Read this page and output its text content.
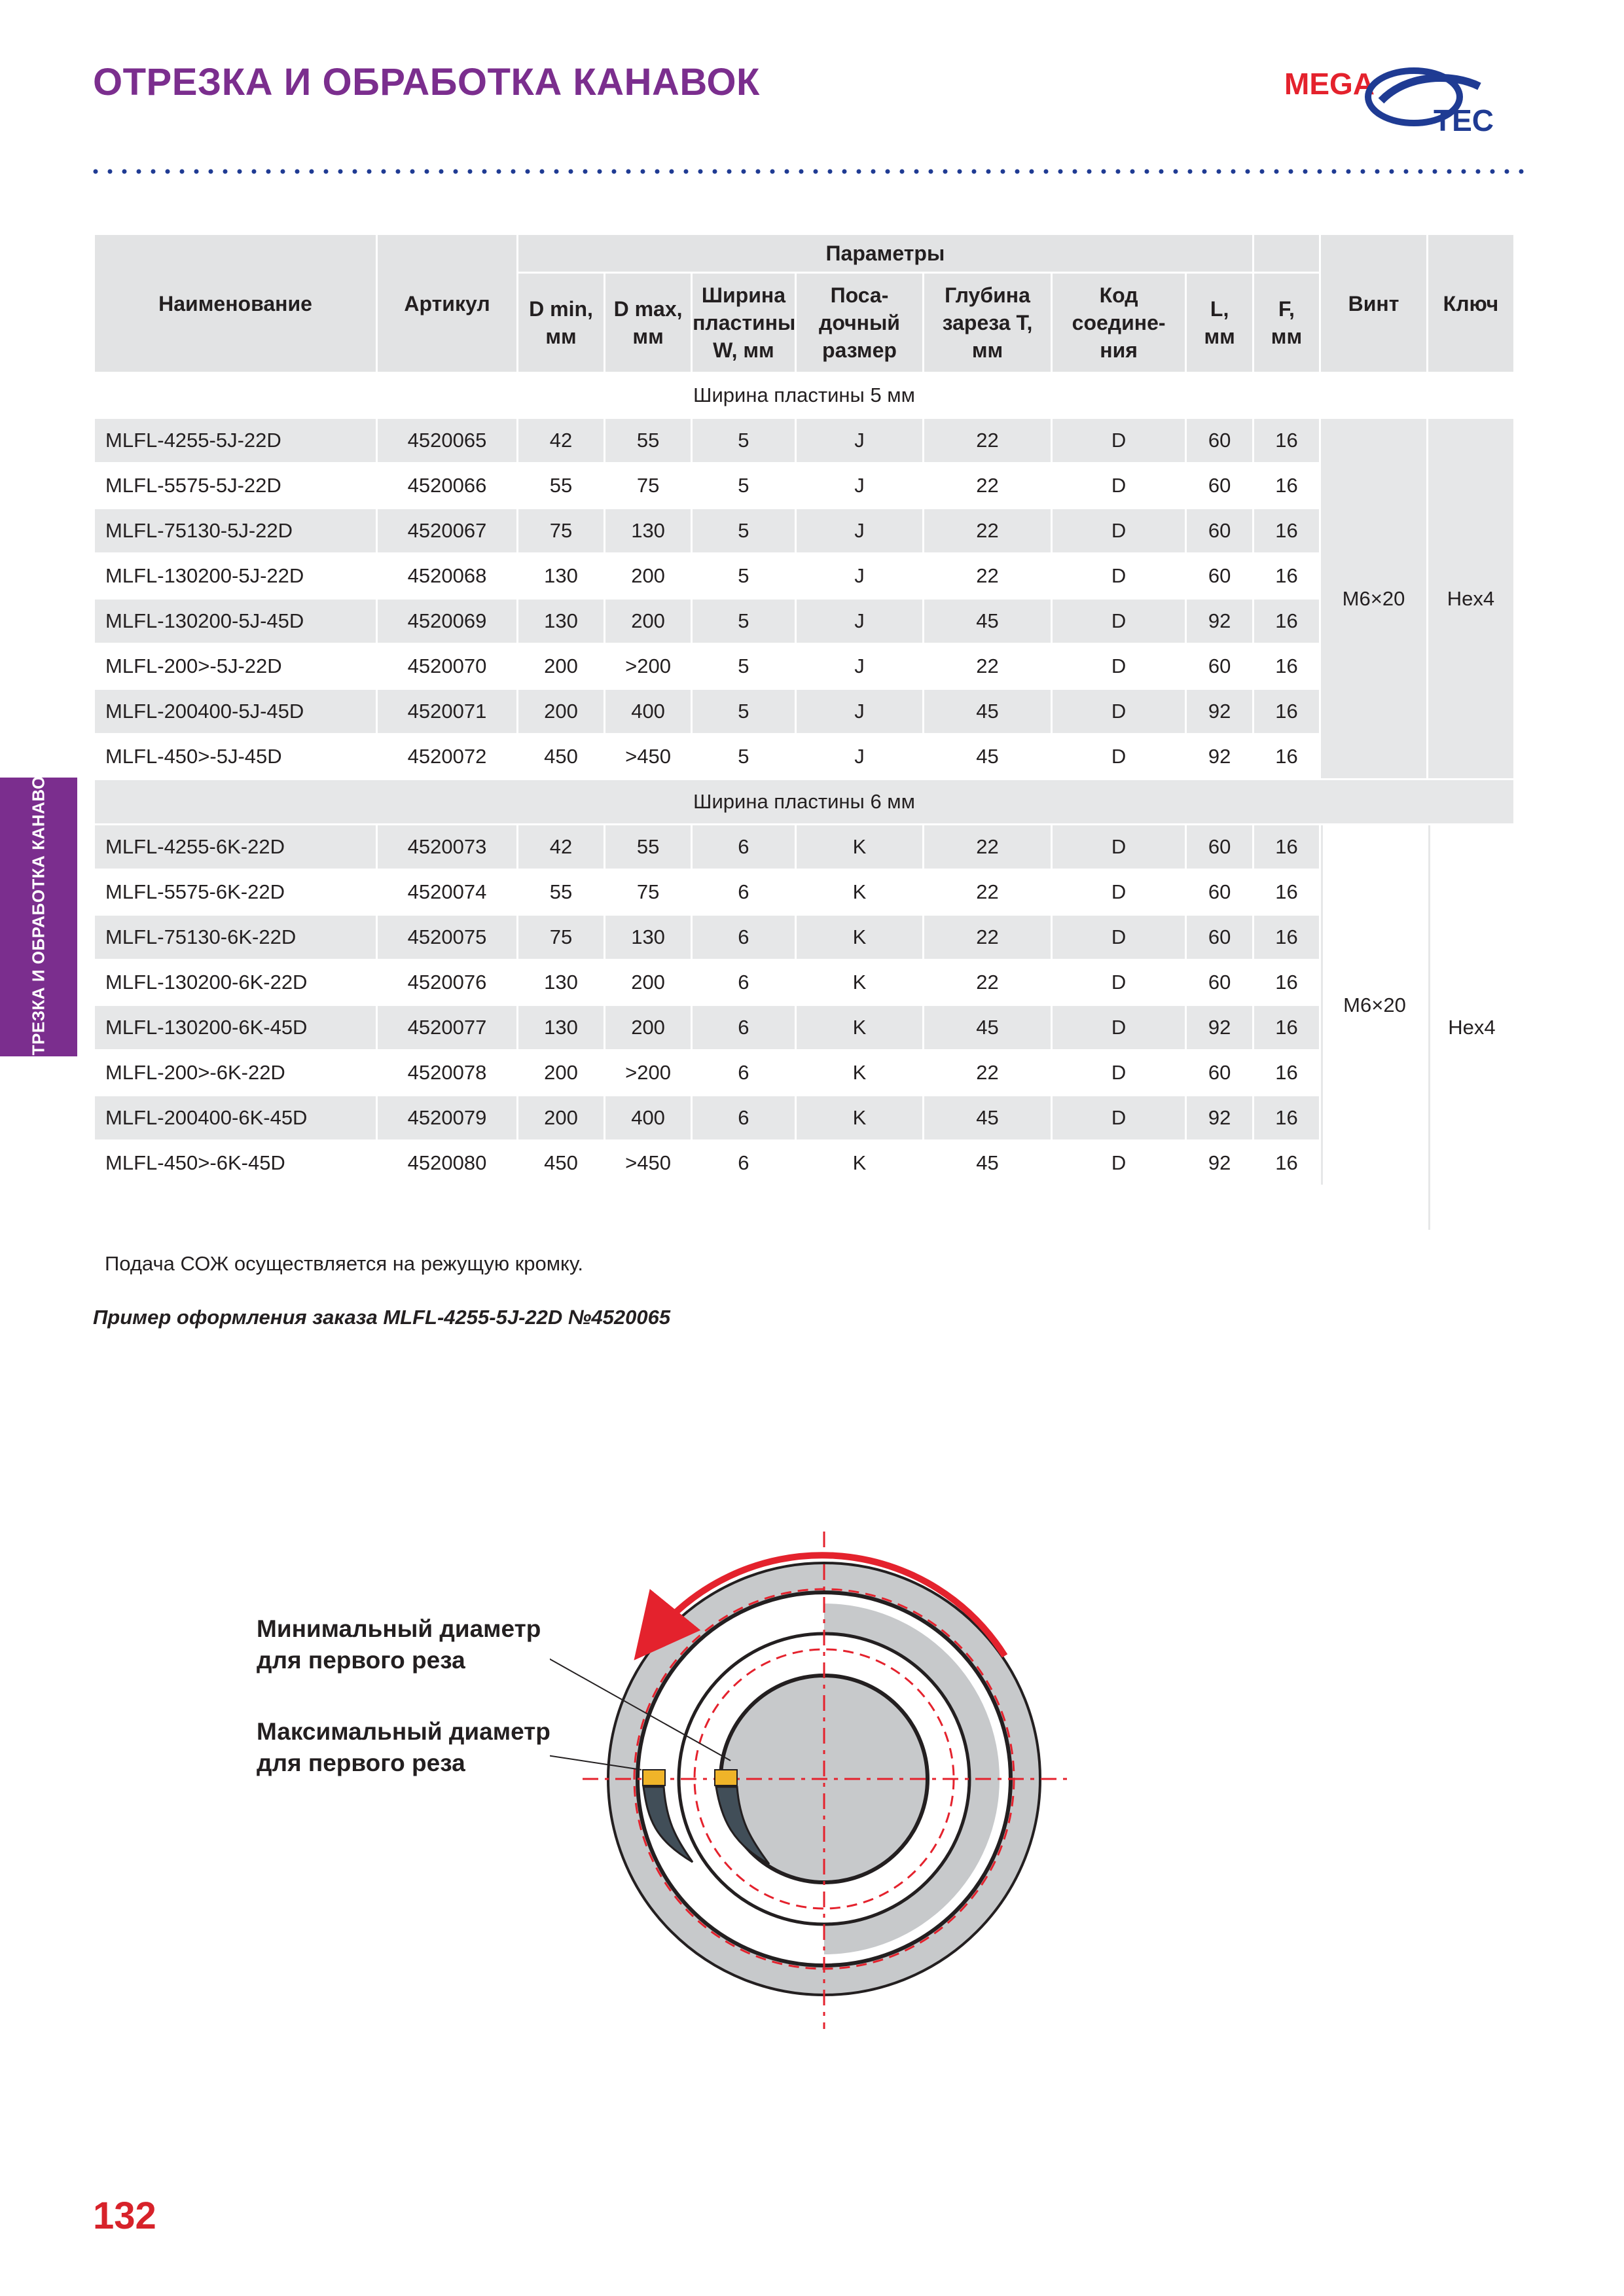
ОТРЕЗКА И ОБРАБОТКА КАНАВОК	MEGA
TEC
ОТРЕЗКА И ОБРАБОТКА КАНАВОК
Наименование	Артикул	Параметры								Винт	Ключ
		D min,
мм	D max,
мм	Ширина
пластины
W, мм	Поса-
дочный
размер	Глубина
зареза T,
мм	Код
соедине-
ния	L,
мм	F,
мм		
Ширина пластины 5 мм											
MLFL-4255-5J-22D	4520065	42	55	5	J	22	D	60	16	M6×20	Hex4
MLFL-5575-5J-22D	4520066	55	75	5	J	22	D	60	16		
MLFL-75130-5J-22D	4520067	75	130	5	J	22	D	60	16		
MLFL-130200-5J-22D	4520068	130	200	5	J	22	D	60	16		
MLFL-130200-5J-45D	4520069	130	200	5	J	45	D	92	16		
MLFL-200>-5J-22D	4520070	200	>200	5	J	22	D	60	16		
MLFL-200400-5J-45D	4520071	200	400	5	J	45	D	92	16		
MLFL-450>-5J-45D	4520072	450	>450	5	J	45	D	92	16		
Ширина пластины 6 мм											
MLFL-4255-6K-22D	4520073	42	55	6	K	22	D	60	16	M6×20	Hex4
MLFL-5575-6K-22D	4520074	55	75	6	K	22	D	60	16		
MLFL-75130-6K-22D	4520075	75	130	6	K	22	D	60	16		
MLFL-130200-6K-22D	4520076	130	200	6	K	22	D	60	16		
MLFL-130200-6K-45D	4520077	130	200	6	K	45	D	92	16		
MLFL-200>-6K-22D	4520078	200	>200	6	K	22	D	60	16		
MLFL-200400-6K-45D	4520079	200	400	6	K	45	D	92	16		
MLFL-450>-6K-45D	4520080	450	>450	6	K	45	D	92	16		

Подача СОЖ осуществляется на режущую кромку.
Пример оформления заказа MLFL-4255-5J-22D №4520065
Минимальный диаметр
для первого реза
Максимальный диаметр
для первого реза
132
